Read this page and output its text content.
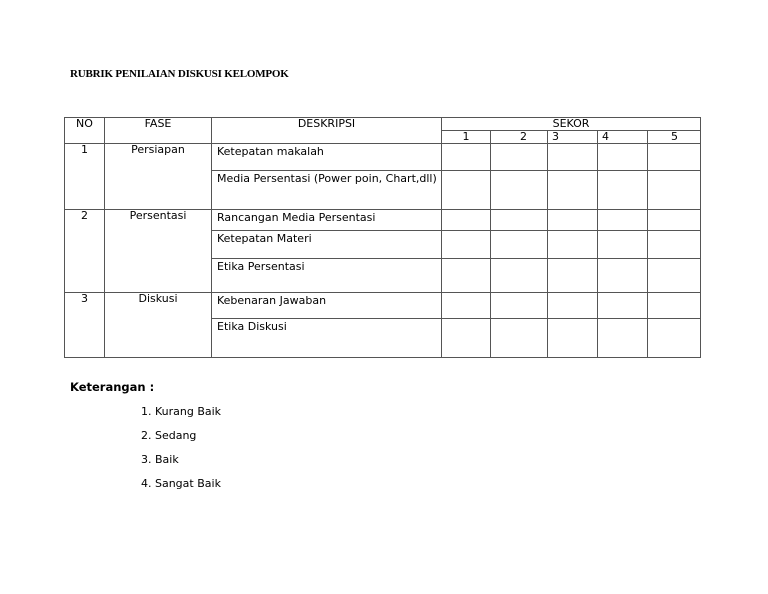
RUBRIK PENILAIAN DISKUSI KELOMPOK
NO	FASE	DESKRIPSI	SEKOR				
			1	2	3	4	5
1	Persiapan	Ketepatan makalah					
		Media Persentasi (Power poin, Chart,dll)					
2	Persentasi	Rancangan Media Persentasi					
		Ketepatan Materi					
		Etika Persentasi					
3	Diskusi	Kebenaran Jawaban					
		Etika Diskusi					
Keterangan :
1. Kurang Baik
2. Sedang
3. Baik
4. Sangat Baik
